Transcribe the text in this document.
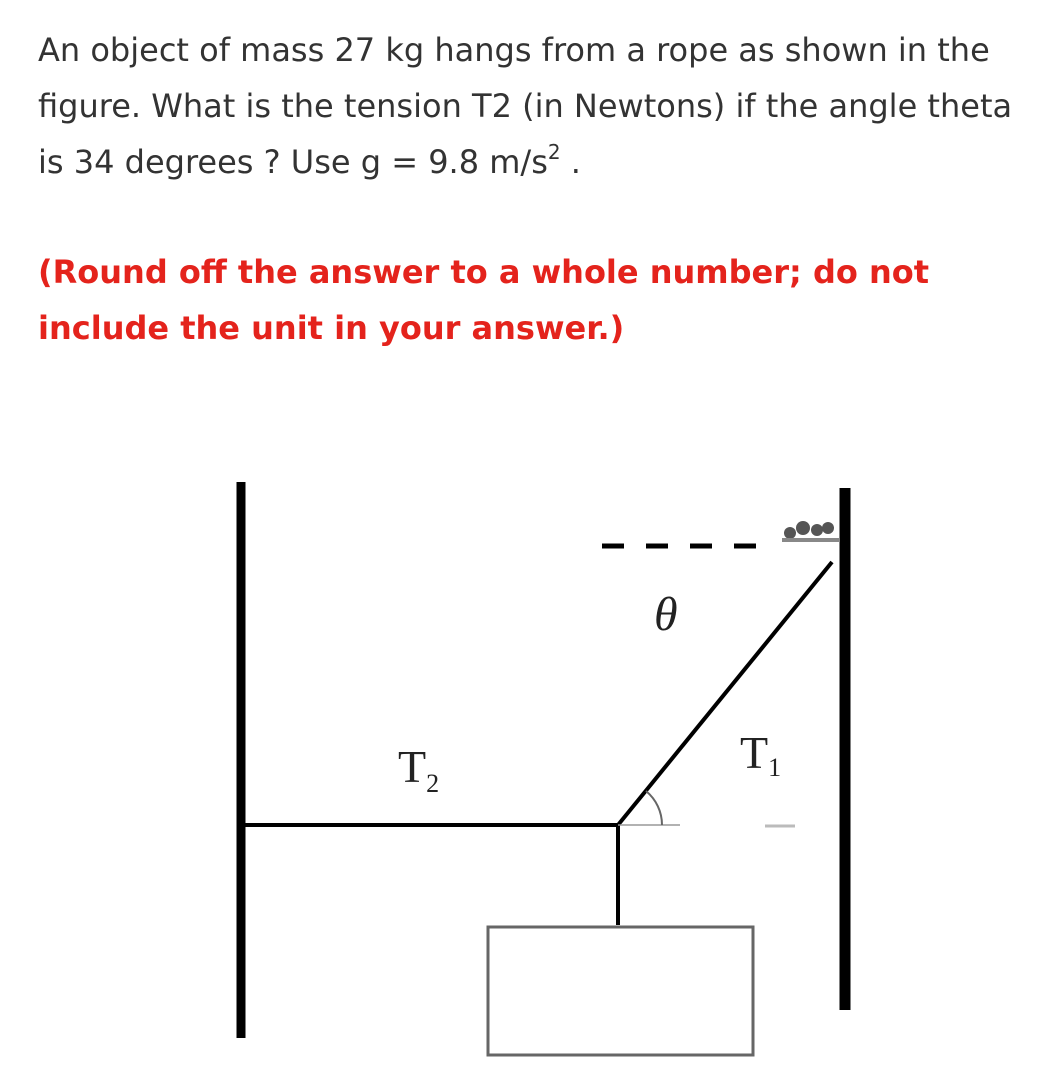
An object of mass 27 kg hangs from a rope as shown in the figure. What is the tension T2 (in Newtons) if the angle theta is 34 degrees ? Use g = 9.8 $m/s^2$ .

(Round off the answer to a whole number; do not include the unit in your answer.)

θ
T1
$T_2$
